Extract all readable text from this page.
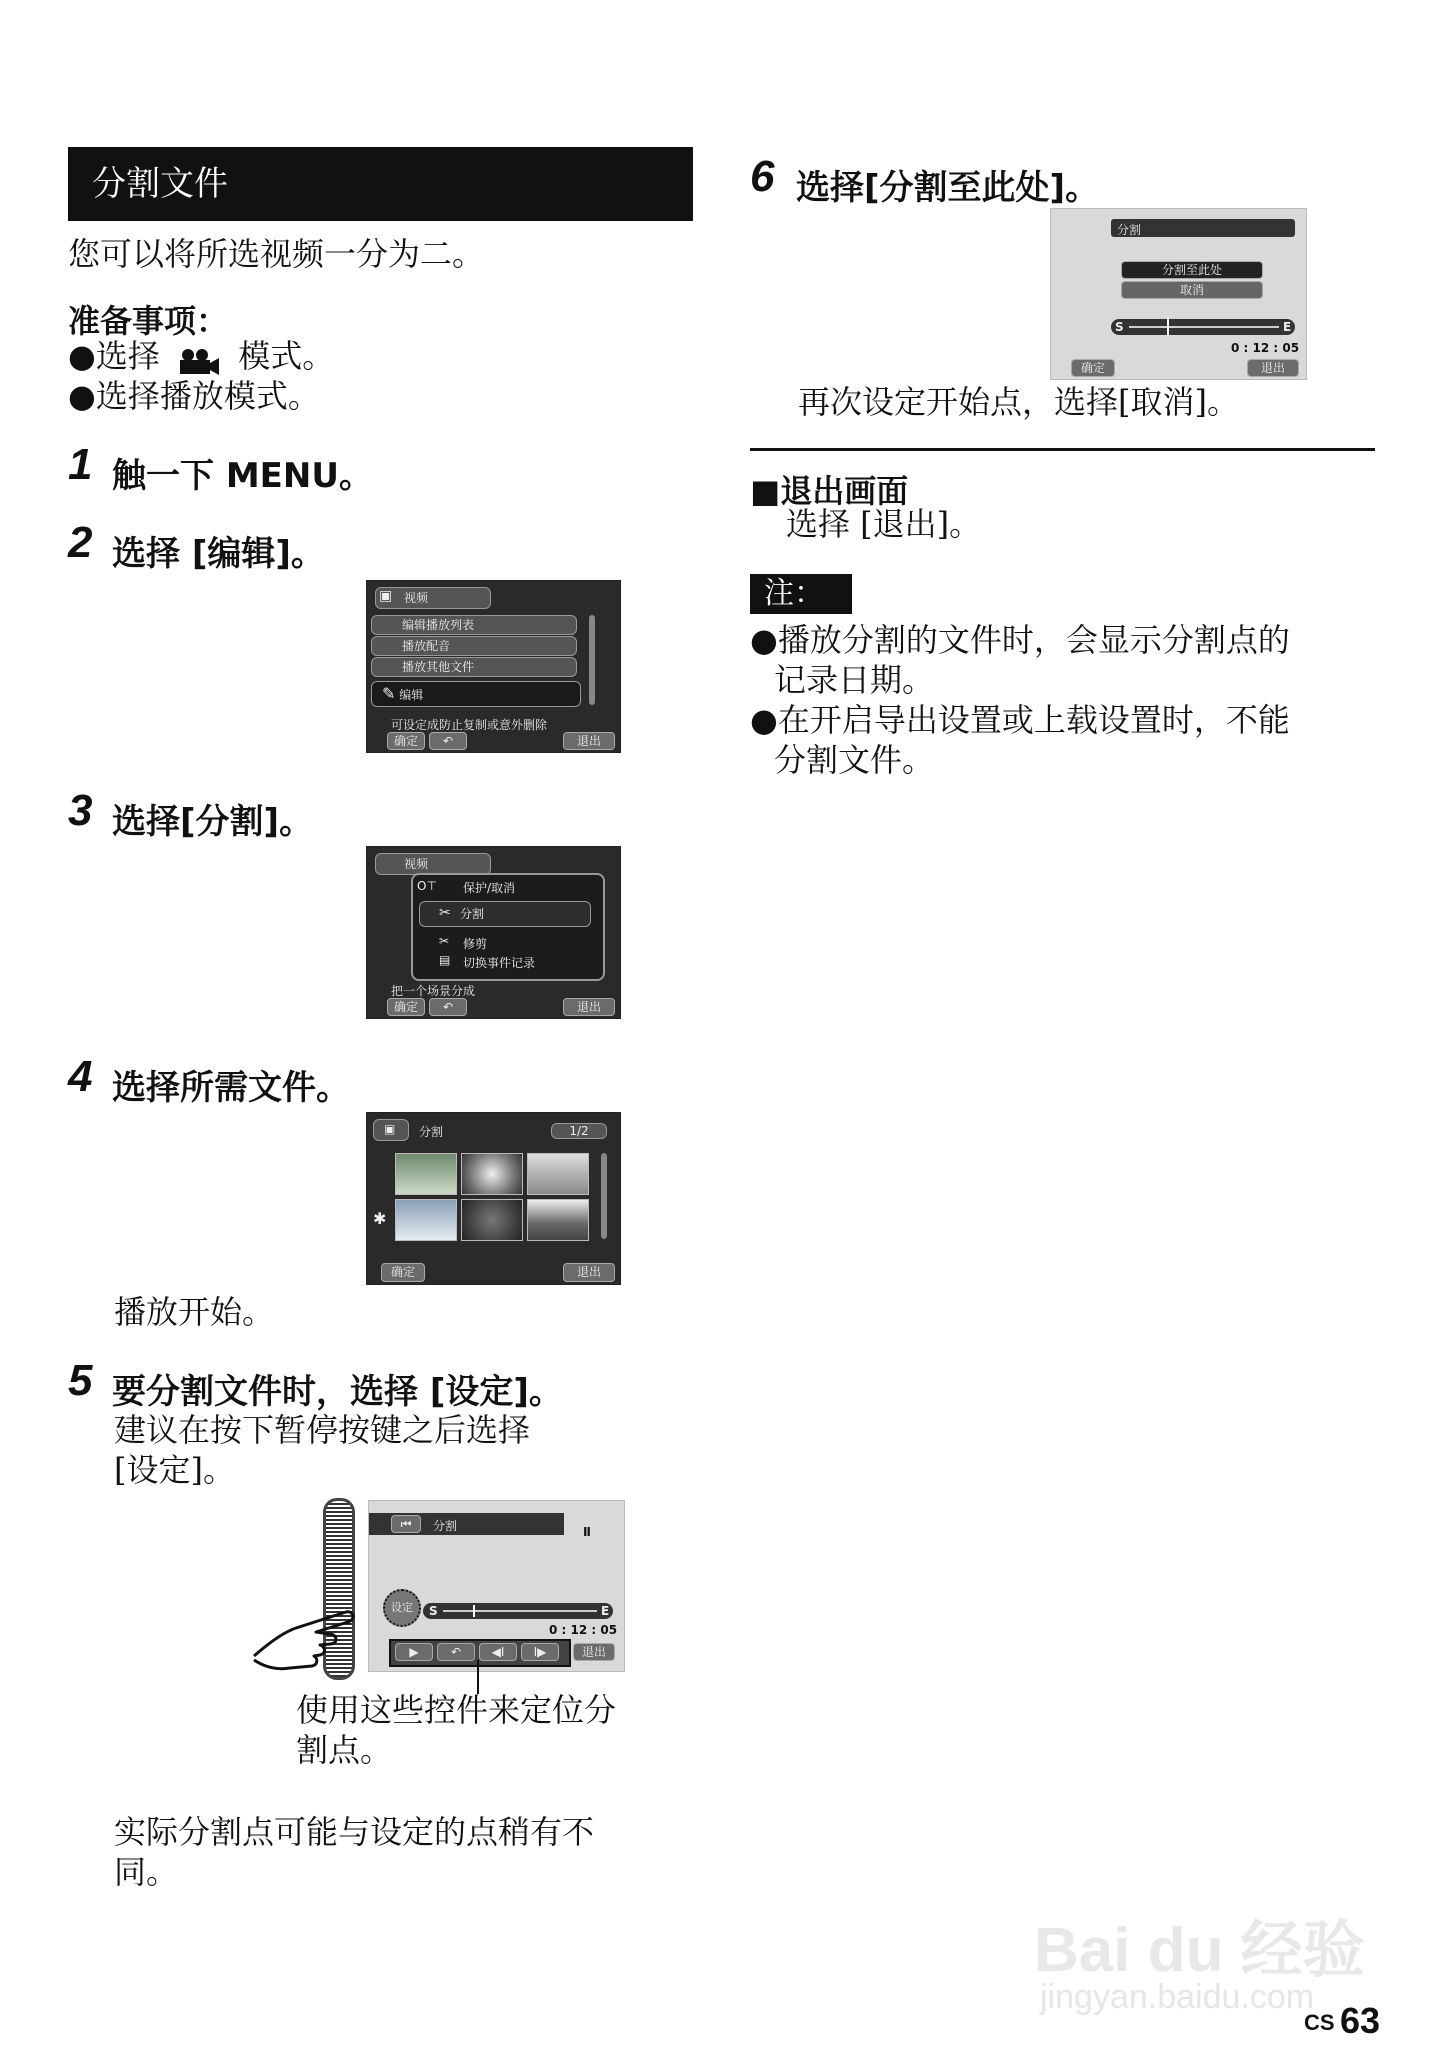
分割文件
您可以将所选视频一分为二。
准备事项：
●选择 模式。
●选择播放模式。
1 触一下 MENU。
2 选择 [编辑]。
视频
▣
编辑播放列表
播放配音
播放其他文件
✎ 编辑
可设定成防止复制或意外删除
确定	↶	退出
3 选择[分割]。
视频
O⊤ 保护/取消
分割
✂
✂ 修剪
▤ 切换事件记录
把一个场景分成
确定	↶	退出
4 选择所需文件。
▣	分割	1/2
✱
确定	退出
播放开始。
5 要分割文件时，选择 [设定]。
建议在按下暂停按键之后选择
[设定]。
⏮	分割	Ⅱ
设定	S	E
0 : 12 : 05
▶	↶	◀Ⅰ	Ⅰ▶	退出
使用这些控件来定位分
割点。
实际分割点可能与设定的点稍有不
同。
6 选择[分割至此处]。
分割
分割至此处
取消
S	E
0 : 12 : 05
确定	退出
再次设定开始点，选择[取消]。
■退出画面
选择 [退出]。
注：
●播放分割的文件时，会显示分割点的
记录日期。
●在开启导出设置或上载设置时，不能
分割文件。
Bai du 经验
jingyan.baidu.com
CS 63
